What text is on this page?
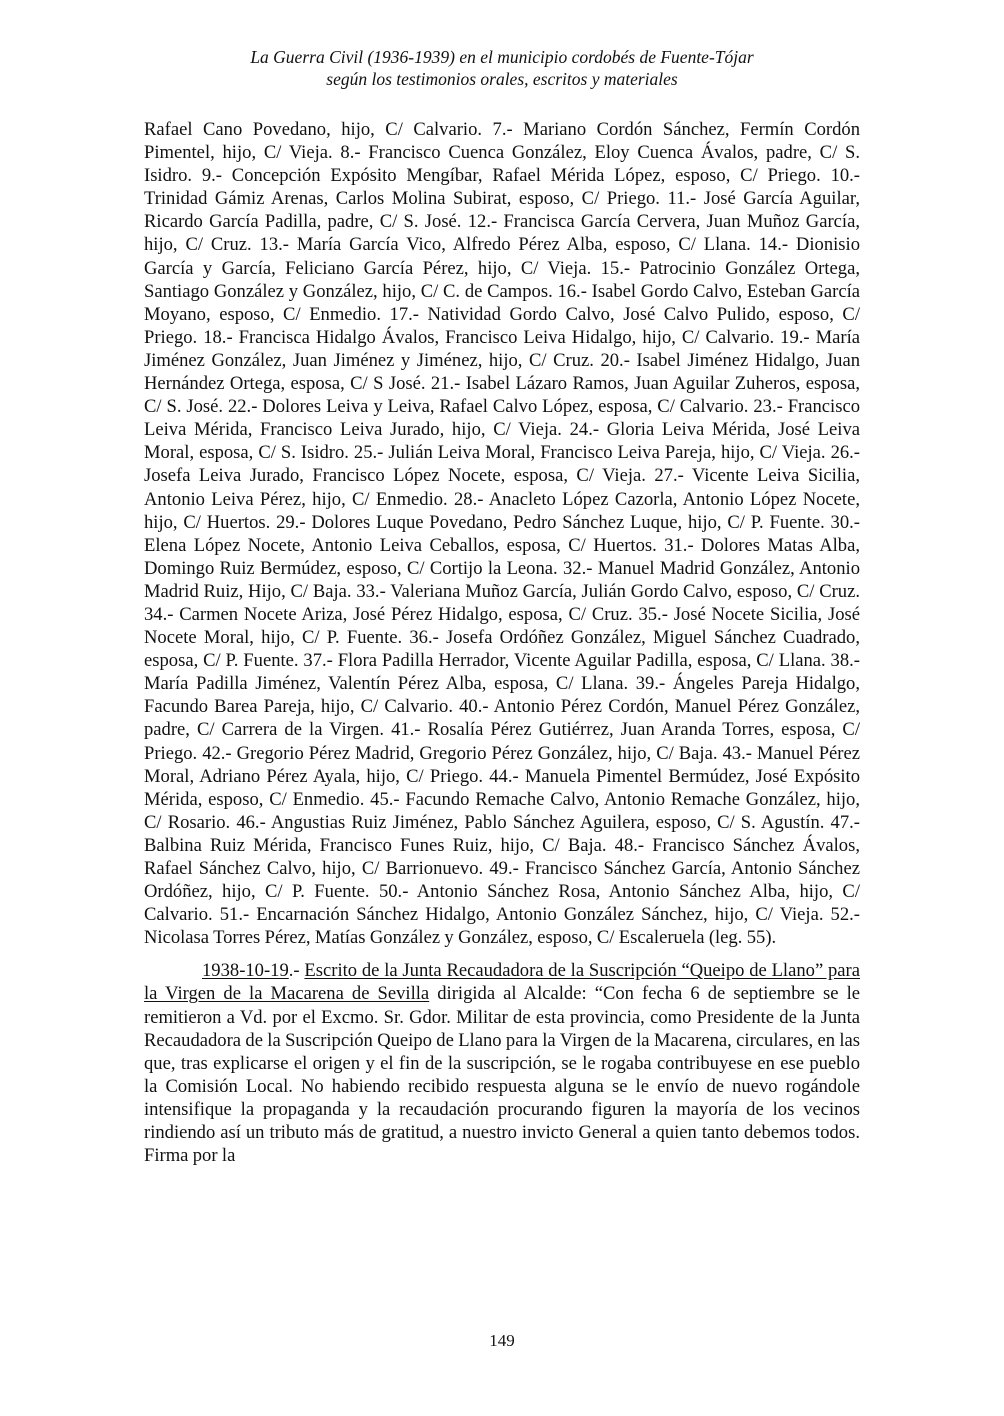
La Guerra Civil (1936-1939) en el municipio cordobés de Fuente-Tójar
según los testimonios orales, escritos y materiales

Rafael Cano Povedano, hijo, C/ Calvario. 7.- Mariano Cordón Sánchez, Fermín Cordón Pimentel, hijo, C/ Vieja. 8.- Francisco Cuenca González, Eloy Cuenca Ávalos, padre, C/ S. Isidro. 9.- Concepción Expósito Mengíbar, Rafael Mérida López, esposo, C/ Priego. 10.- Trinidad Gámiz Arenas, Carlos Molina Subirat, esposo, C/ Priego. 11.- José García Aguilar, Ricardo García Padilla, padre, C/ S. José. 12.- Francisca García Cervera, Juan Muñoz García, hijo, C/ Cruz. 13.- María García Vico, Alfredo Pérez Alba, esposo, C/ Llana. 14.- Dionisio García y García, Feliciano García Pérez, hijo, C/ Vieja. 15.- Patrocinio González Ortega, Santiago González y González, hijo, C/ C. de Campos. 16.- Isabel Gordo Calvo, Esteban García Moyano, esposo, C/ Enmedio. 17.- Natividad Gordo Calvo, José Calvo Pulido, esposo, C/ Priego. 18.- Francisca Hidalgo Ávalos, Francisco Leiva Hidalgo, hijo, C/ Calvario. 19.- María Jiménez González, Juan Jiménez y Jiménez, hijo, C/ Cruz. 20.- Isabel Jiménez Hidalgo, Juan Hernández Ortega, esposa, C/ S José. 21.- Isabel Lázaro Ramos, Juan Aguilar Zuheros, esposa, C/ S. José. 22.- Dolores Leiva y Leiva, Rafael Calvo López, esposa, C/ Calvario. 23.- Francisco Leiva Mérida, Francisco Leiva Jurado, hijo, C/ Vieja. 24.- Gloria Leiva Mérida, José Leiva Moral, esposa, C/ S. Isidro. 25.- Julián Leiva Moral, Francisco Leiva Pareja, hijo, C/ Vieja. 26.- Josefa Leiva Jurado, Francisco López Nocete, esposa, C/ Vieja. 27.- Vicente Leiva Sicilia, Antonio Leiva Pérez, hijo, C/ Enmedio. 28.- Anacleto López Cazorla, Antonio López Nocete, hijo, C/ Huertos. 29.- Dolores Luque Povedano, Pedro Sánchez Luque, hijo, C/ P. Fuente. 30.- Elena López Nocete, Antonio Leiva Ceballos, esposa, C/ Huertos. 31.- Dolores Matas Alba, Domingo Ruiz Bermúdez, esposo, C/ Cortijo la Leona. 32.- Manuel Madrid González, Antonio Madrid Ruiz, Hijo, C/ Baja. 33.- Valeriana Muñoz García, Julián Gordo Calvo, esposo, C/ Cruz. 34.- Carmen Nocete Ariza, José Pérez Hidalgo, esposa, C/ Cruz. 35.- José Nocete Sicilia, José Nocete Moral, hijo, C/ P. Fuente. 36.- Josefa Ordóñez González, Miguel Sánchez Cuadrado, esposa, C/ P. Fuente. 37.- Flora Padilla Herrador, Vicente Aguilar Padilla, esposa, C/ Llana. 38.- María Padilla Jiménez, Valentín Pérez Alba, esposa, C/ Llana. 39.- Ángeles Pareja Hidalgo, Facundo Barea Pareja, hijo, C/ Calvario. 40.- Antonio Pérez Cordón, Manuel Pérez González, padre, C/ Carrera de la Virgen. 41.- Rosalía Pérez Gutiérrez, Juan Aranda Torres, esposa, C/ Priego. 42.- Gregorio Pérez Madrid, Gregorio Pérez González, hijo, C/ Baja. 43.- Manuel Pérez Moral, Adriano Pérez Ayala, hijo, C/ Priego. 44.- Manuela Pimentel Bermúdez, José Expósito Mérida, esposo, C/ Enmedio. 45.- Facundo Remache Calvo, Antonio Remache González, hijo, C/ Rosario. 46.- Angustias Ruiz Jiménez, Pablo Sánchez Aguilera, esposo, C/ S. Agustín. 47.- Balbina Ruiz Mérida, Francisco Funes Ruiz, hijo, C/ Baja. 48.- Francisco Sánchez Ávalos, Rafael Sánchez Calvo, hijo, C/ Barrionuevo. 49.- Francisco Sánchez García, Antonio Sánchez Ordóñez, hijo, C/ P. Fuente. 50.- Antonio Sánchez Rosa, Antonio Sánchez Alba, hijo, C/ Calvario. 51.- Encarnación Sánchez Hidalgo, Antonio González Sánchez, hijo, C/ Vieja. 52.- Nicolasa Torres Pérez, Matías González y González, esposo, C/ Escaleruela (leg. 55).

1938-10-19.- Escrito de la Junta Recaudadora de la Suscripción “Queipo de Llano” para la Virgen de la Macarena de Sevilla dirigida al Alcalde: “Con fecha 6 de septiembre se le remitieron a Vd. por el Excmo. Sr. Gdor. Militar de esta provincia, como Presidente de la Junta Recaudadora de la Suscripción Queipo de Llano para la Virgen de la Macarena, circulares, en las que, tras explicarse el origen y el fin de la suscripción, se le rogaba contribuyese en ese pueblo la Comisión Local. No habiendo recibido respuesta alguna se le envío de nuevo rogándole intensifique la propaganda y la recaudación procurando figuren la mayoría de los vecinos rindiendo así un tributo más de gratitud, a nuestro invicto General a quien tanto debemos todos. Firma por la

149
